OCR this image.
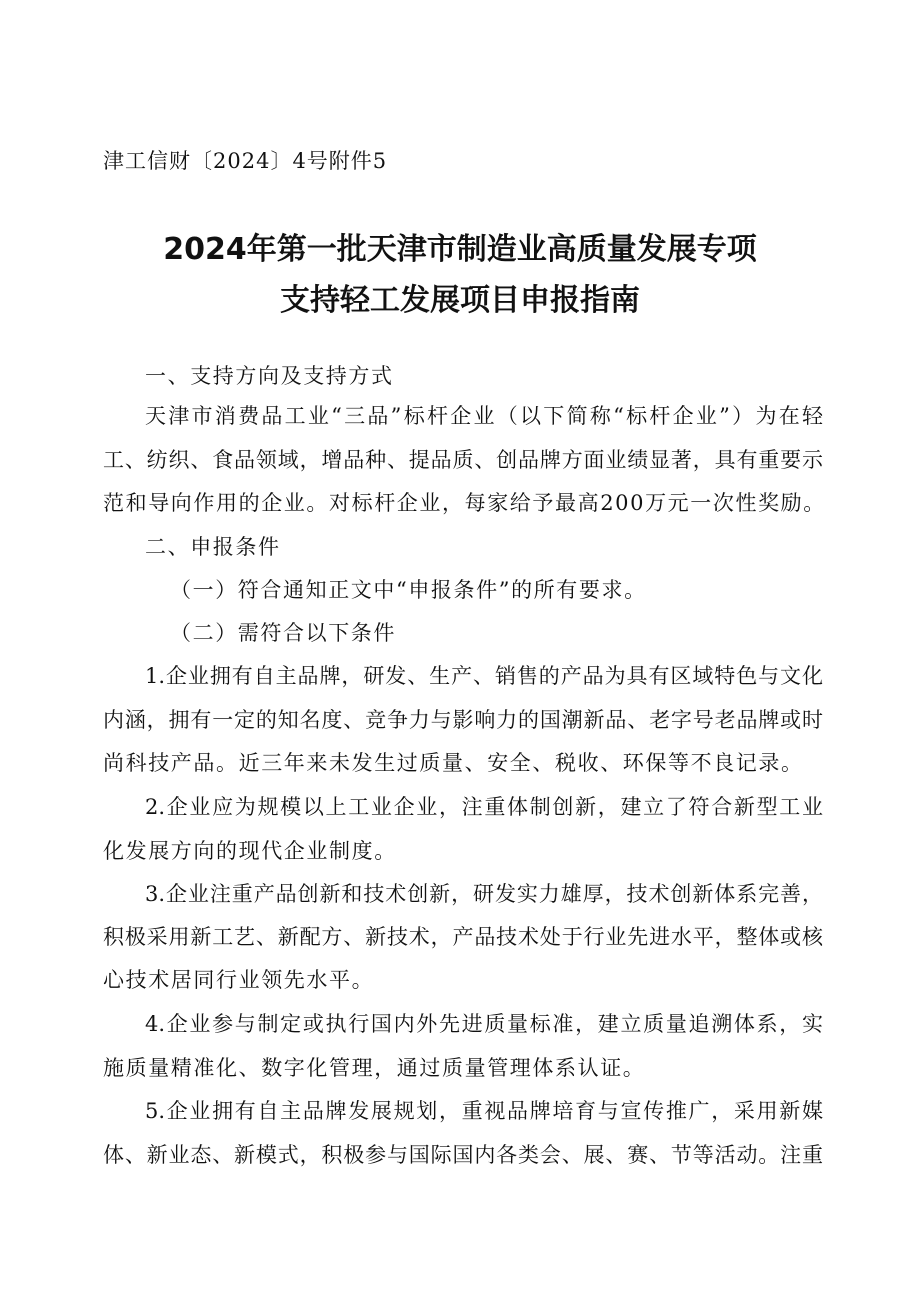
津工信财〔2024〕4号附件5
2024年第一批天津市制造业高质量发展专项
支持轻工发展项目申报指南
一、支持方向及支持方式
天津市消费品工业“三品”标杆企业（以下简称“标杆企业”）为在轻
工、纺织、食品领域，增品种、提品质、创品牌方面业绩显著，具有重要示
范和导向作用的企业。对标杆企业，每家给予最高200万元一次性奖励。
二、申报条件
（一）符合通知正文中“申报条件”的所有要求。
（二）需符合以下条件
1.企业拥有自主品牌，研发、生产、销售的产品为具有区域特色与文化
内涵，拥有一定的知名度、竞争力与影响力的国潮新品、老字号老品牌或时
尚科技产品。近三年来未发生过质量、安全、税收、环保等不良记录。
2.企业应为规模以上工业企业，注重体制创新，建立了符合新型工业
化发展方向的现代企业制度。
3.企业注重产品创新和技术创新，研发实力雄厚，技术创新体系完善，
积极采用新工艺、新配方、新技术，产品技术处于行业先进水平，整体或核
心技术居同行业领先水平。
4.企业参与制定或执行国内外先进质量标准，建立质量追溯体系，实
施质量精准化、数字化管理，通过质量管理体系认证。
5.企业拥有自主品牌发展规划，重视品牌培育与宣传推广，采用新媒
体、新业态、新模式，积极参与国际国内各类会、展、赛、节等活动。注重
